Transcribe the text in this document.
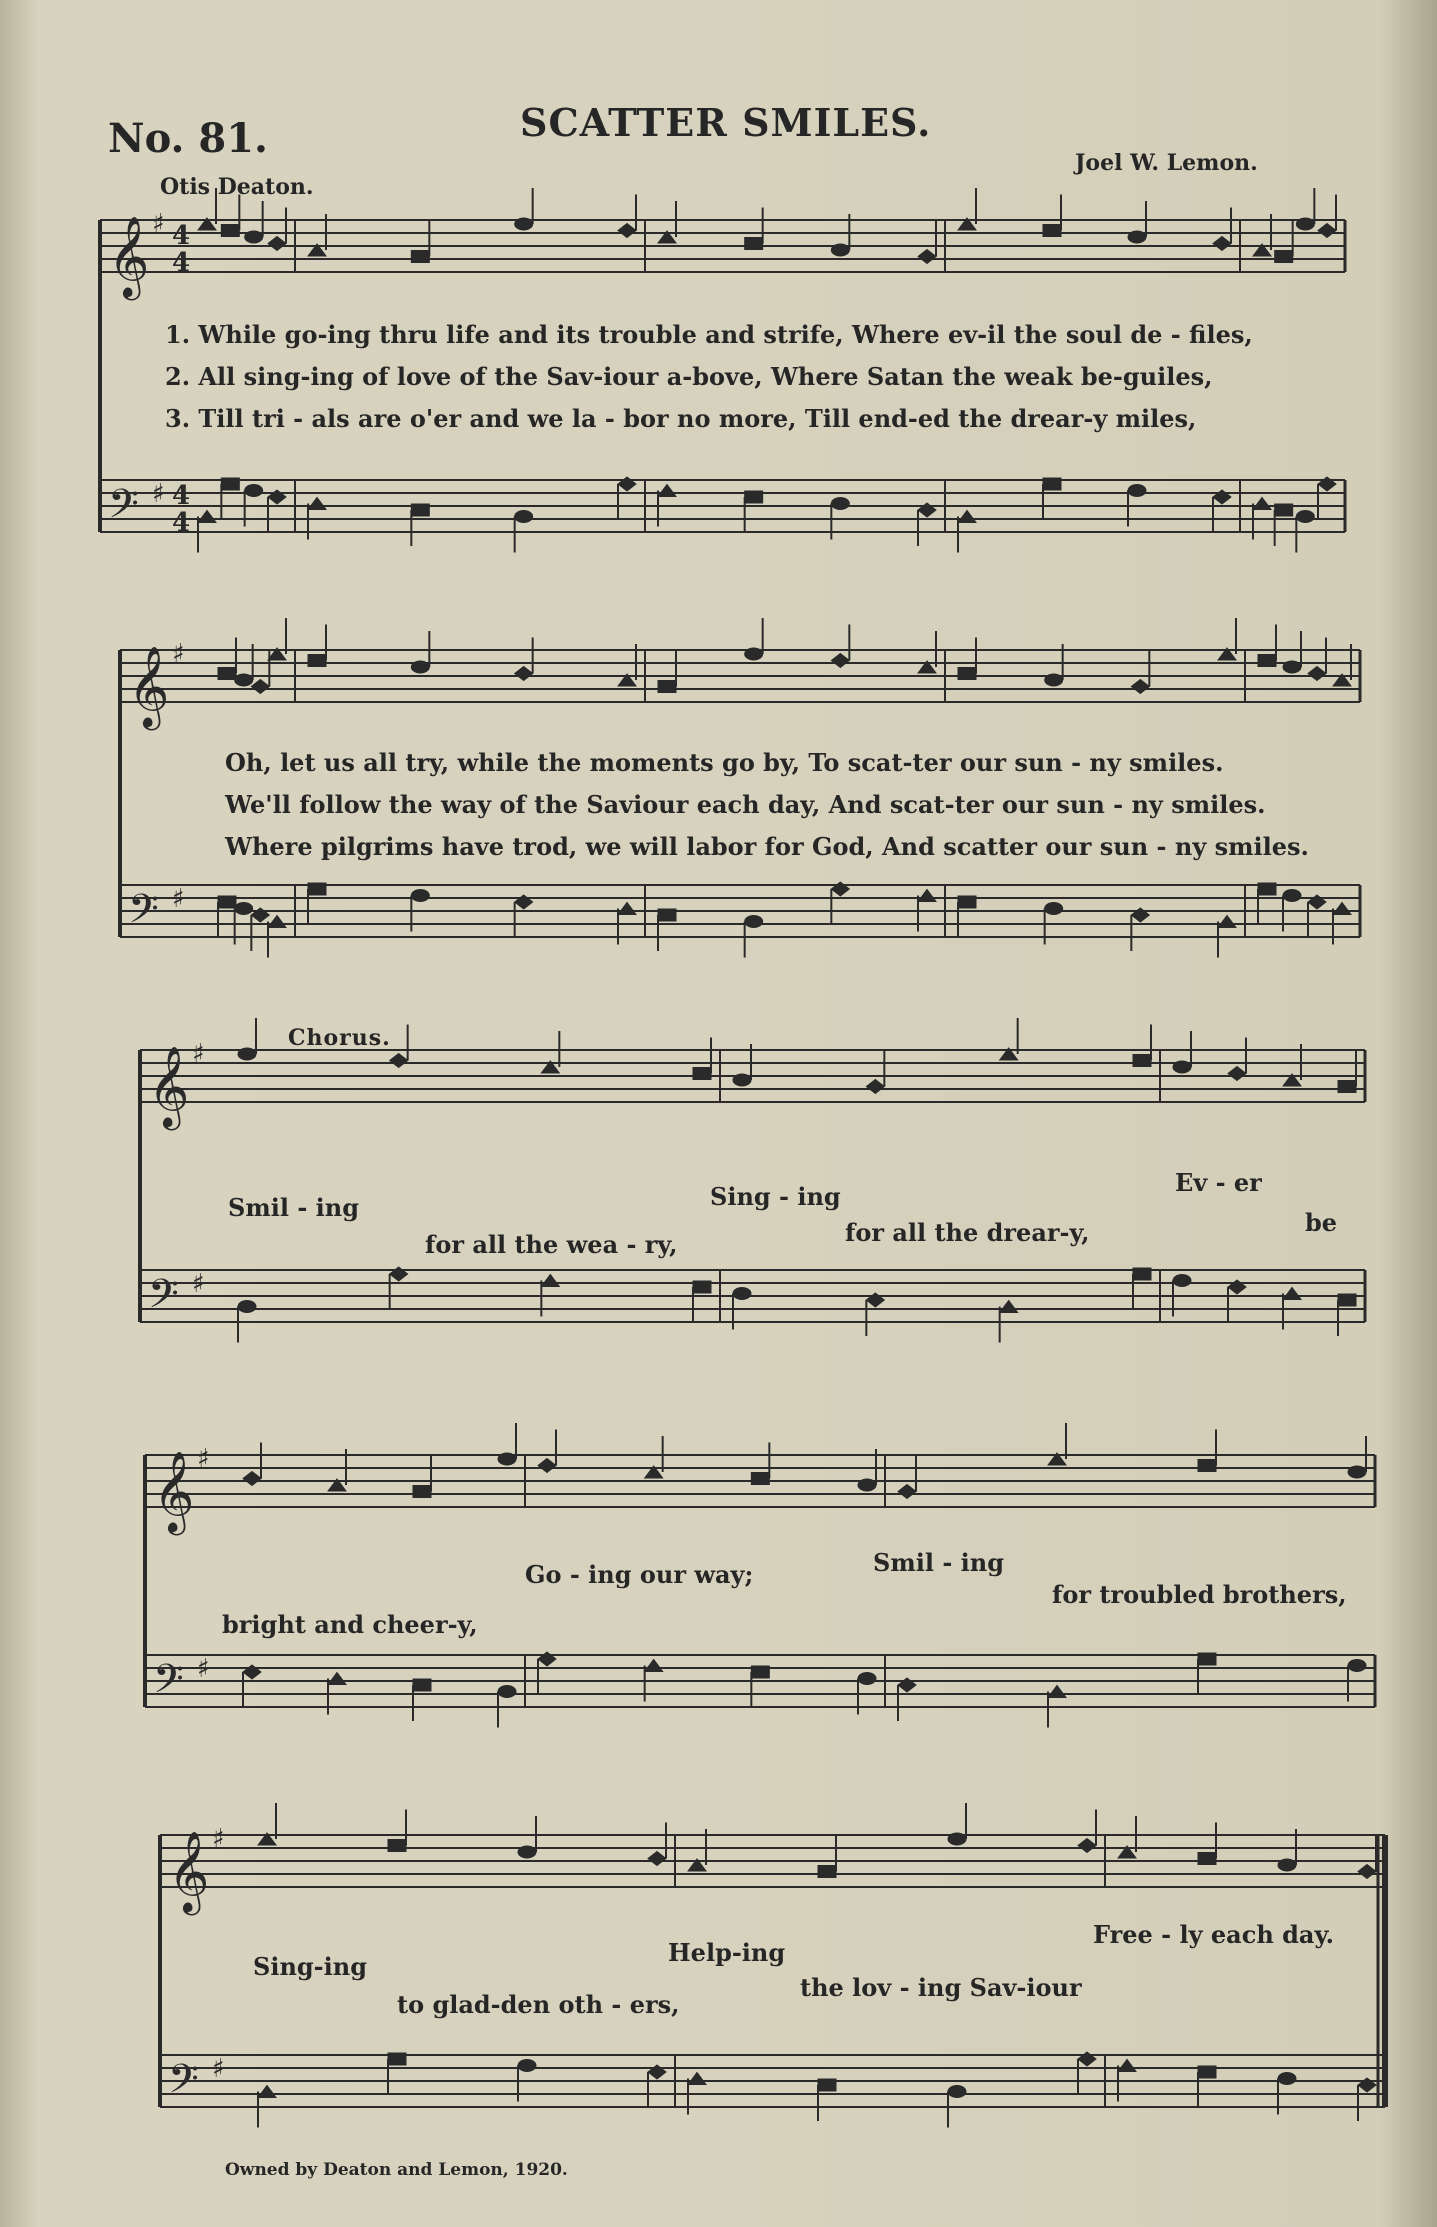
No. 81.	SCATTER SMILES.
Otis Deaton.
Joel W. Lemon.
𝄞 ♯
𝄢 ♯
𝄞 ♯
𝄢 ♯
𝄞 ♯
𝄢 ♯
𝄞 ♯
𝄢 ♯
𝄞 ♯
𝄢 ♯
4
4
4
4
1. While go-ing thru life and its trouble and strife, Where ev-il the soul de - files,
2. All sing-ing of love of the Sav-iour a-bove, Where Satan the weak be-guiles,
3. Till tri - als are o'er and we la - bor no more, Till end-ed the drear-y miles,
Oh, let us all try, while the moments go by, To scat-ter our sun - ny smiles.
We'll follow the way of the Saviour each day, And scat-ter our sun - ny smiles.
Where pilgrims have trod, we will labor for God, And scatter our sun - ny smiles.
Chorus.
Smil - ing
for all the wea - ry,
Sing - ing
for all the drear-y,
Ev - er
be
bright and cheer-y,
Go - ing our way;	Smil - ing
for troubled brothers,
Sing-ing
to glad-den oth - ers,
Help-ing
the lov - ing Sav-iour
Free - ly each day.
Owned by Deaton and Lemon, 1920.
